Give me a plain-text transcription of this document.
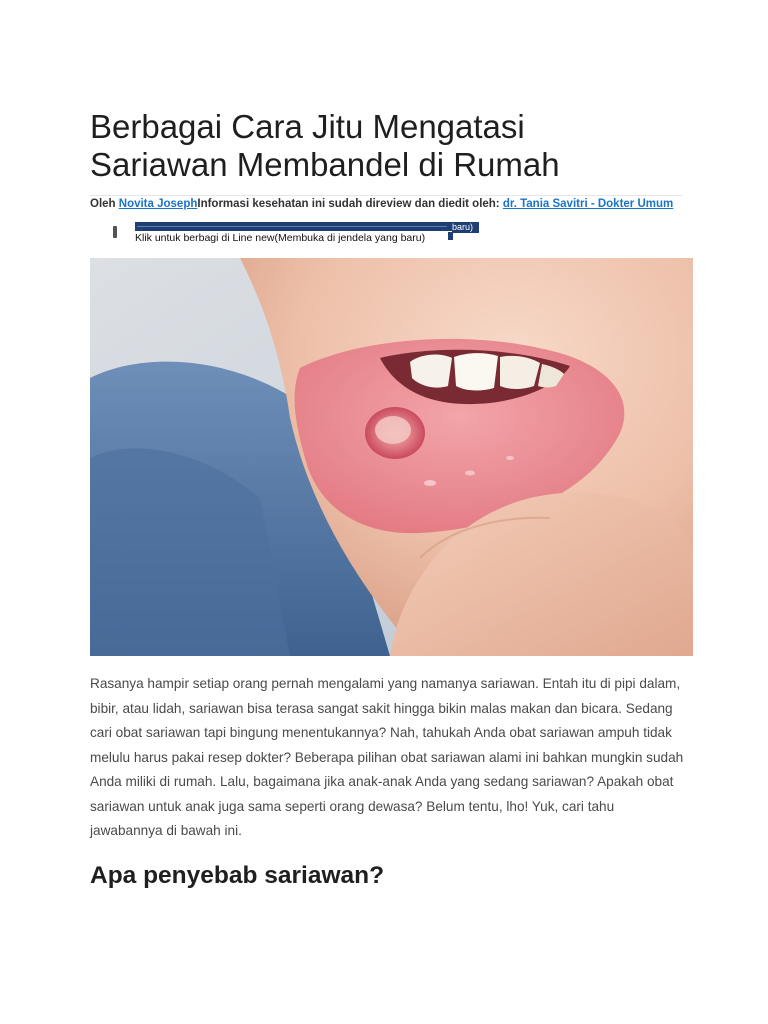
Berbagai Cara Jitu Mengatasi
Sariawan Membandel di Rumah
Oleh Novita JosephInformasi kesehatan ini sudah direview dan diedit oleh: dr. Tania Savitri - Dokter Umum
baru)
Klik untuk berbagi di Line new(Membuka di jendela yang baru)

Rasanya hampir setiap orang pernah mengalami yang namanya sariawan. Entah itu di pipi dalam, bibir, atau lidah, sariawan bisa terasa sangat sakit hingga bikin malas makan dan bicara. Sedang cari obat sariawan tapi bingung menentukannya? Nah, tahukah Anda obat sariawan ampuh tidak melulu harus pakai resep dokter? Beberapa pilihan obat sariawan alami ini bahkan mungkin sudah Anda miliki di rumah. Lalu, bagaimana jika anak-anak Anda yang sedang sariawan? Apakah obat sariawan untuk anak juga sama seperti orang dewasa? Belum tentu, lho! Yuk, cari tahu jawabannya di bawah ini.

Apa penyebab sariawan?
